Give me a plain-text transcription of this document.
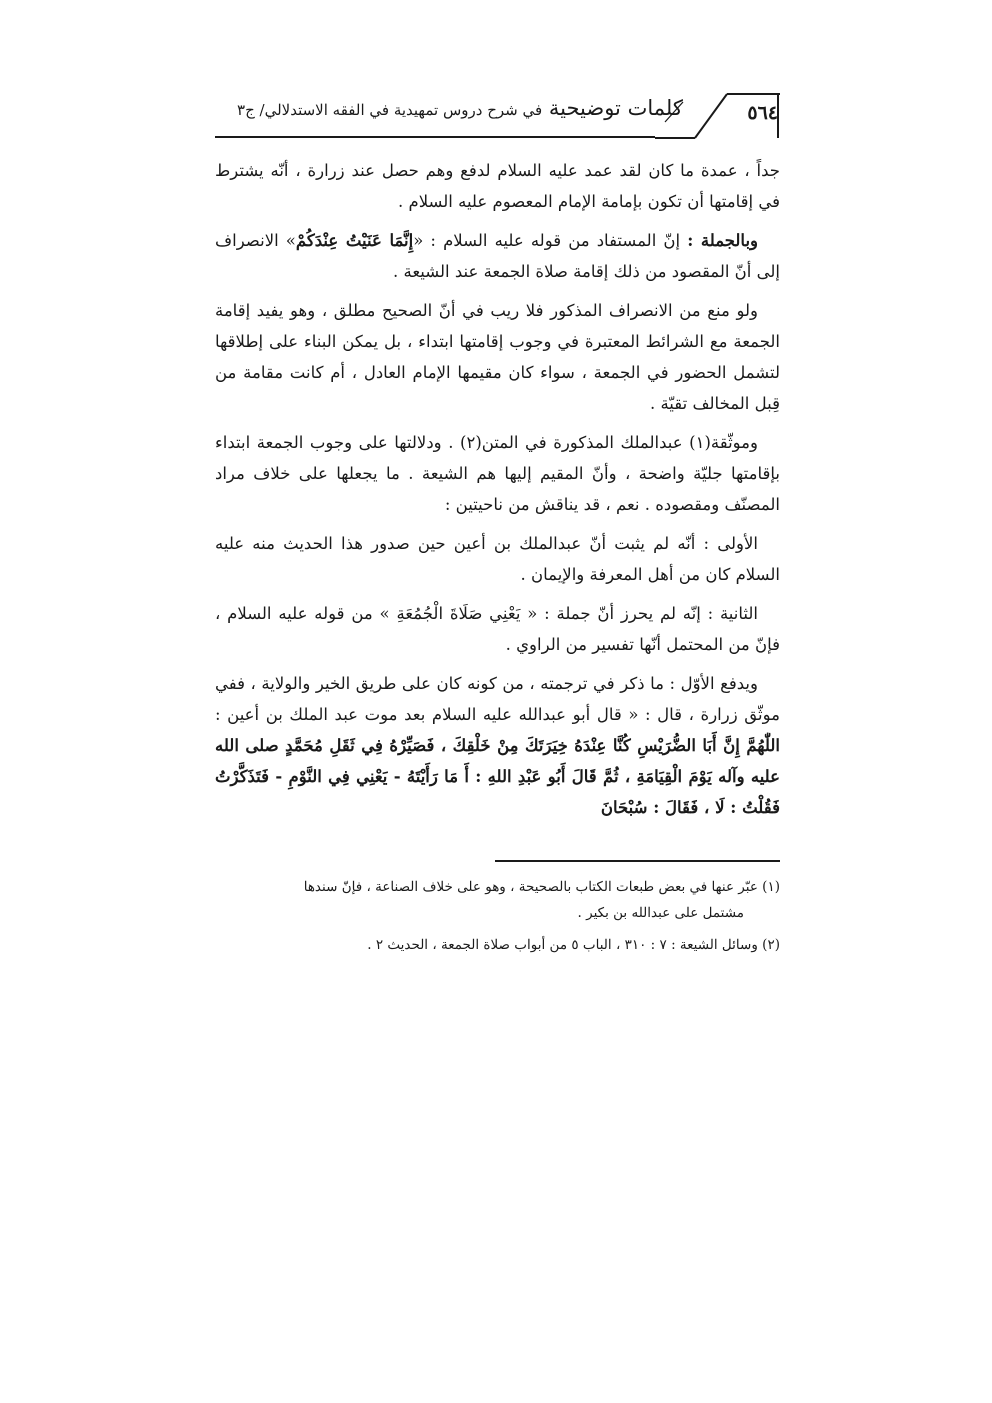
٥٦٤
كلمات توضيحية في شرح دروس تمهيدية في الفقه الاستدلالي/ ج٣

جداً ، عمدة ما كان لقد عمد عليه السلام لدفع وهم حصل عند زرارة ، أنّه يشترط في إقامتها أن تكون بإمامة الإمام المعصوم عليه السلام .

وبالجملة : إنّ المستفاد من قوله عليه السلام : «إِنَّمَا عَنَيْتُ عِنْدَكُمْ» الانصراف إلى أنّ المقصود من ذلك إقامة صلاة الجمعة عند الشيعة .

ولو منع من الانصراف المذكور فلا ريب في أنّ الصحيح مطلق ، وهو يفيد إقامة الجمعة مع الشرائط المعتبرة في وجوب إقامتها ابتداء ، بل يمكن البناء على إطلاقها لتشمل الحضور في الجمعة ، سواء كان مقيمها الإمام العادل ، أم كانت مقامة من قِبل المخالف تقيّة .

وموثّقة(١) عبدالملك المذكورة في المتن(٢) . ودلالتها على وجوب الجمعة ابتداء بإقامتها جليّة واضحة ، وأنّ المقيم إليها هم الشيعة . ما يجعلها على خلاف مراد المصنّف ومقصوده . نعم ، قد يناقش من ناحيتين :

الأولى : أنّه لم يثبت أنّ عبدالملك بن أعين حين صدور هذا الحديث منه عليه السلام كان من أهل المعرفة والإيمان .

الثانية : إنّه لم يحرز أنّ جملة : « يَعْنِي صَلَاةَ الْجُمُعَةِ » من قوله عليه السلام ، فإنّ من المحتمل أنّها تفسير من الراوي .

ويدفع الأوّل : ما ذكر في ترجمته ، من كونه كان على طريق الخير والولاية ، ففي موثّق زرارة ، قال : « قال أبو عبدالله عليه السلام بعد موت عبد الملك بن أعين : اللّٰهُمَّ إِنَّ أَبَا الضُّرَيْسِ كُنَّا عِنْدَهُ خِيَرَتَكَ مِنْ خَلْقِكَ ، فَصَيِّرْهُ فِي ثَقَلِ مُحَمَّدٍ صلى الله عليه وآله يَوْمَ الْقِيَامَةِ ، ثُمَّ قَالَ أَبُو عَبْدِ اللهِ : أَ مَا رَأَيْتَهُ - يَعْنِي فِي النَّوْمِ - فَتَذَكَّرْتُ فَقُلْتُ : لَا ، فَقَالَ : سُبْحَانَ

(١) عبّر عنها في بعض طبعات الكتاب بالصحيحة ، وهو على خلاف الصناعة ، فإنّ سندها
مشتمل على عبدالله بن بكير .

(٢) وسائل الشيعة : ٧ : ٣١٠ ، الباب ٥ من أبواب صلاة الجمعة ، الحديث ٢ .
